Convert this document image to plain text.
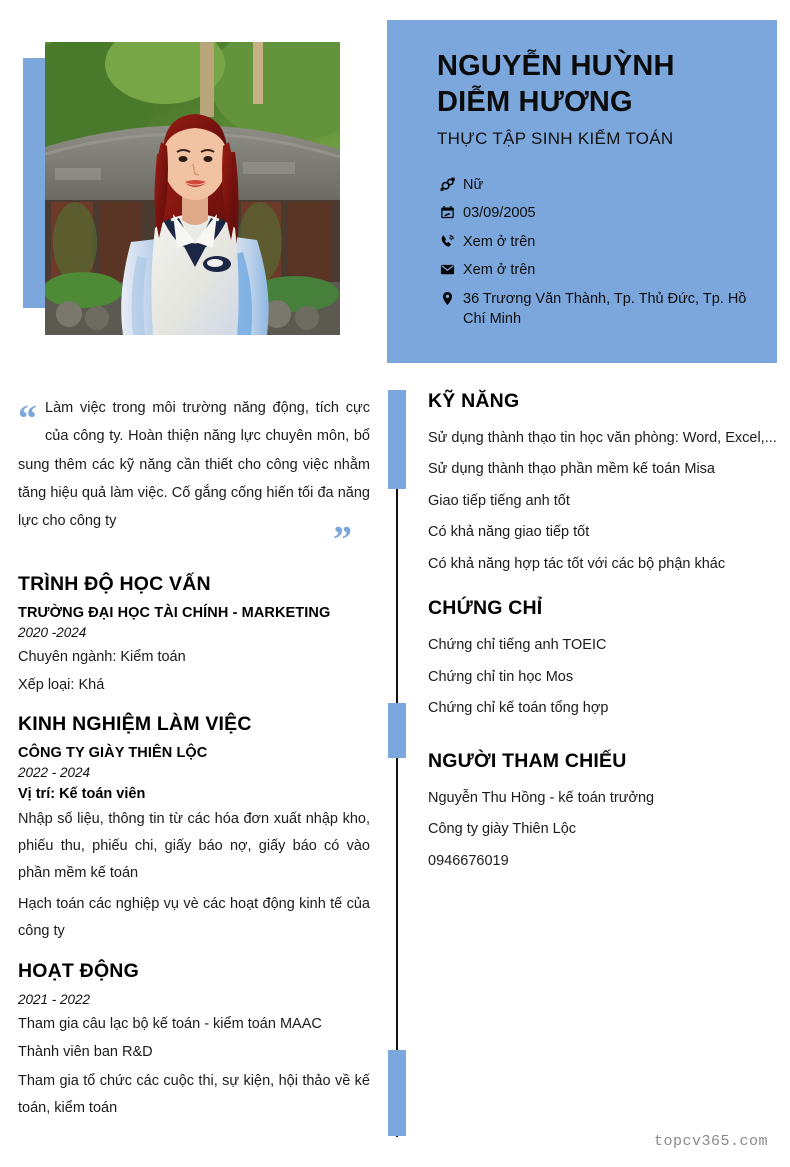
NGUYỄN HUỲNH
DIỄM HƯƠNG
THỰC TẬP SINH KIỂM TOÁN
Nữ
03/09/2005
Xem ở trên
Xem ở trên
36 Trương Văn Thành, Tp. Thủ Đức, Tp. Hồ Chí Minh
“ Làm việc trong môi trường năng động, tích cực của công ty. Hoàn thiện năng lực chuyên môn, bổ sung thêm các kỹ năng cần thiết cho công việc nhằm tăng hiệu quả làm việc. Cố gắng cống hiến tối đa năng lực cho công ty	”
TRÌNH ĐỘ HỌC VẤN
TRƯỜNG ĐẠI HỌC TÀI CHÍNH - MARKETING
2020 -2024
Chuyên ngành: Kiểm toán
Xếp loại: Khá
KINH NGHIỆM LÀM VIỆC
CÔNG TY GIÀY THIÊN LỘC
2022 - 2024
Vị trí: Kế toán viên
Nhập số liệu, thông tin từ các hóa đơn xuất nhập kho, phiếu thu, phiếu chi, giấy báo nợ, giấy báo có vào phần mềm kế toán
Hạch toán các nghiệp vụ vè các hoạt động kinh tế của công ty
HOẠT ĐỘNG
2021 - 2022
Tham gia câu lạc bộ kế toán - kiểm toán MAAC
Thành viên ban R&D
Tham gia tổ chức các cuộc thi, sự kiện, hội thảo về kế toán, kiểm toán
KỸ NĂNG
Sử dụng thành thạo tin học văn phòng: Word, Excel,...
Sử dụng thành thạo phần mềm kế toán Misa
Giao tiếp tiếng anh tốt
Có khả năng giao tiếp tốt
Có khả năng hợp tác tốt với các bộ phận khác
CHỨNG CHỈ
Chứng chỉ tiếng anh TOEIC
Chứng chỉ tin học Mos
Chứng chỉ kế toán tổng hợp
NGƯỜI THAM CHIẾU
Nguyễn Thu Hồng - kế toán trưởng
Công ty giày Thiên Lộc
0946676019
topcv365.com
